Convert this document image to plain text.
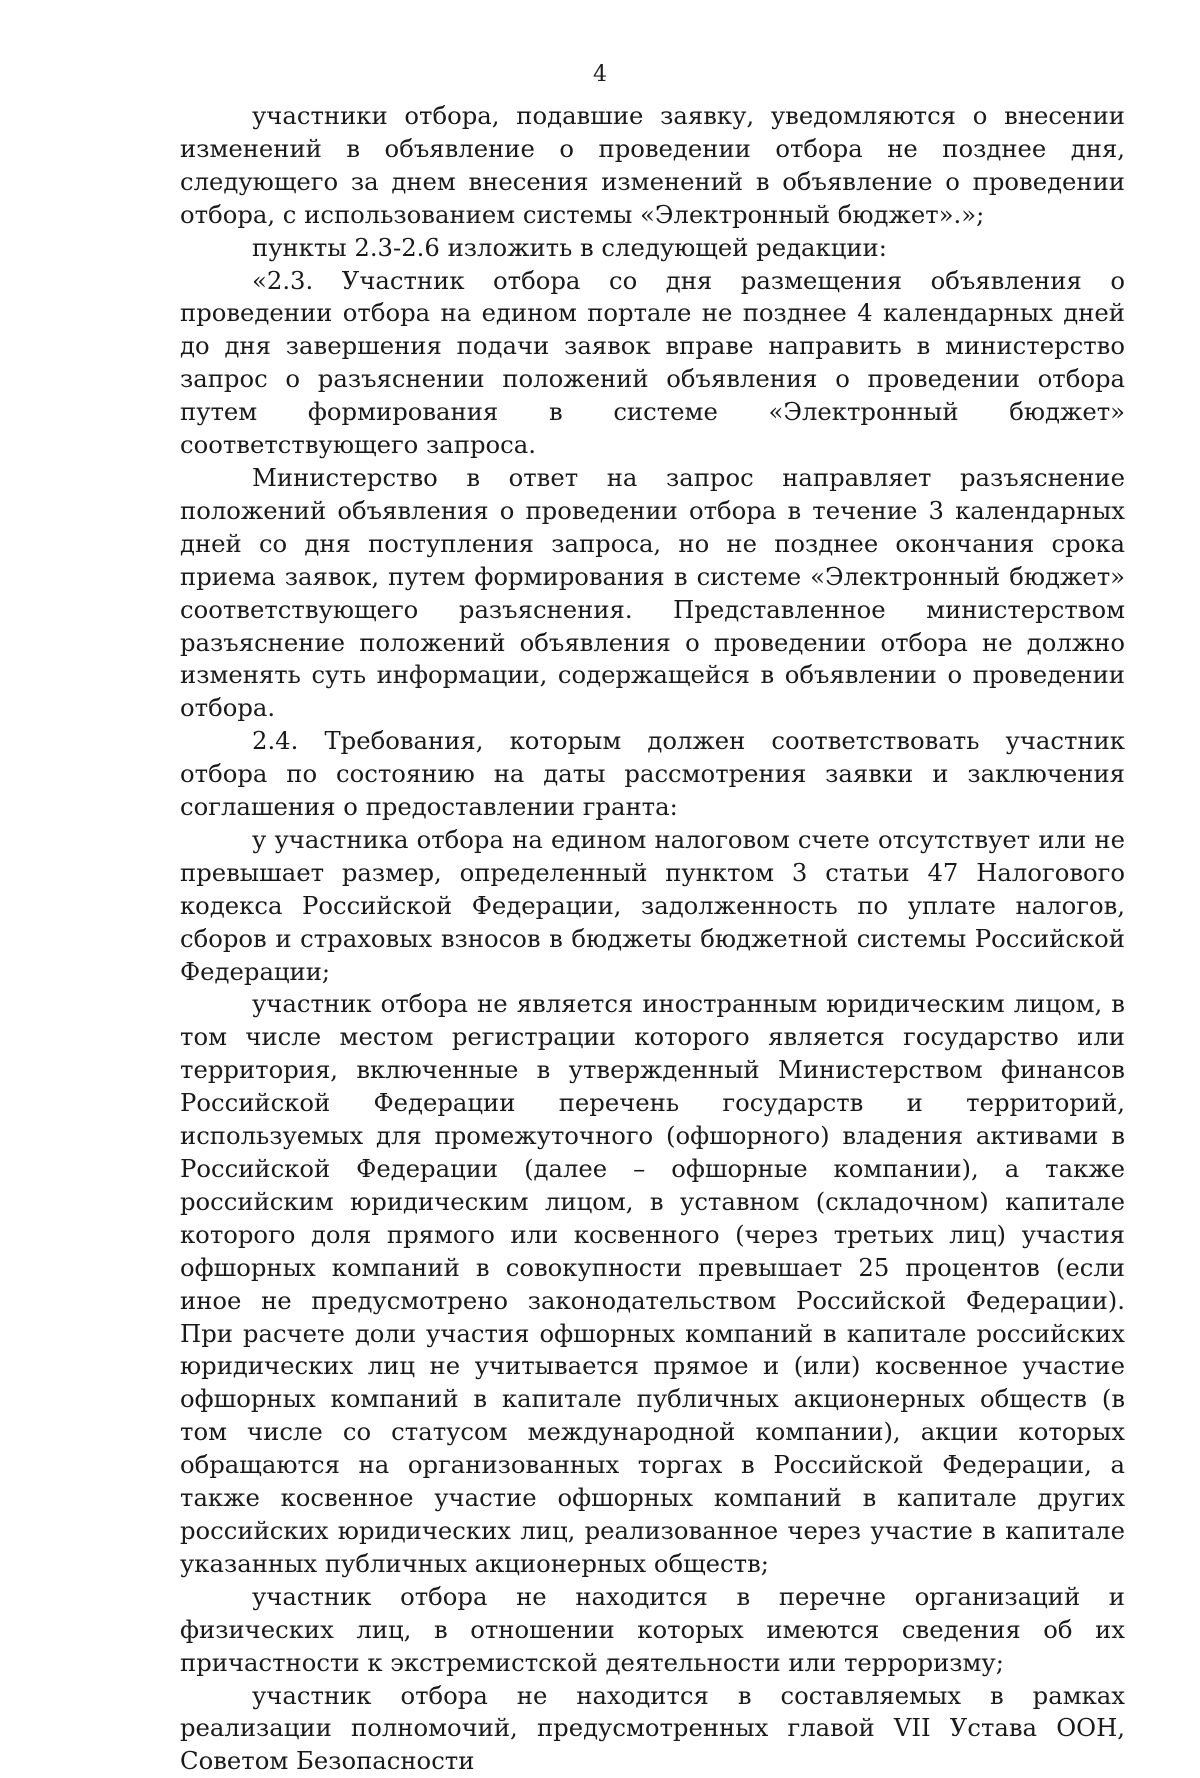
4

участники отбора, подавшие заявку, уведомляются о внесении изменений в объявление о проведении отбора не позднее дня, следующего за днем внесения изменений в объявление о проведении отбора, с использованием системы «Электронный бюджет».»;

пункты 2.3-2.6 изложить в следующей редакции:

«2.3. Участник отбора со дня размещения объявления о проведении отбора на едином портале не позднее 4 календарных дней до дня завершения подачи заявок вправе направить в министерство запрос о разъяснении положений объявления о проведении отбора путем формирования в системе «Электронный бюджет» соответствующего запроса.

Министерство в ответ на запрос направляет разъяснение положений объявления о проведении отбора в течение 3 календарных дней со дня поступления запроса, но не позднее окончания срока приема заявок, путем формирования в системе «Электронный бюджет» соответствующего разъяснения. Представленное министерством разъяснение положений объявления о проведении отбора не должно изменять суть информации, содержащейся в объявлении о проведении отбора.

2.4. Требования, которым должен соответствовать участник отбора по состоянию на даты рассмотрения заявки и заключения соглашения о предоставлении гранта:

у участника отбора на едином налоговом счете отсутствует или не превышает размер, определенный пунктом 3 статьи 47 Налогового кодекса Российской Федерации, задолженность по уплате налогов, сборов и страховых взносов в бюджеты бюджетной системы Российской Федерации;

участник отбора не является иностранным юридическим лицом, в том числе местом регистрации которого является государство или территория, включенные в утвержденный Министерством финансов Российской Федерации перечень государств и территорий, используемых для промежуточного (офшорного) владения активами в Российской Федерации (далее – офшорные компании), а также российским юридическим лицом, в уставном (складочном) капитале которого доля прямого или косвенного (через третьих лиц) участия офшорных компаний в совокупности превышает 25 процентов (если иное не предусмотрено законодательством Российской Федерации). При расчете доли участия офшорных компаний в капитале российских юридических лиц не учитывается прямое и (или) косвенное участие офшорных компаний в капитале публичных акционерных обществ (в том числе со статусом международной компании), акции которых обращаются на организованных торгах в Российской Федерации, а также косвенное участие офшорных компаний в капитале других российских юридических лиц, реализованное через участие в капитале указанных публичных акционерных обществ;

участник отбора не находится в перечне организаций и физических лиц, в отношении которых имеются сведения об их причастности к экстремистской деятельности или терроризму;

участник отбора не находится в составляемых в рамках реализации полномочий, предусмотренных главой VII Устава ООН, Советом Безопасности
